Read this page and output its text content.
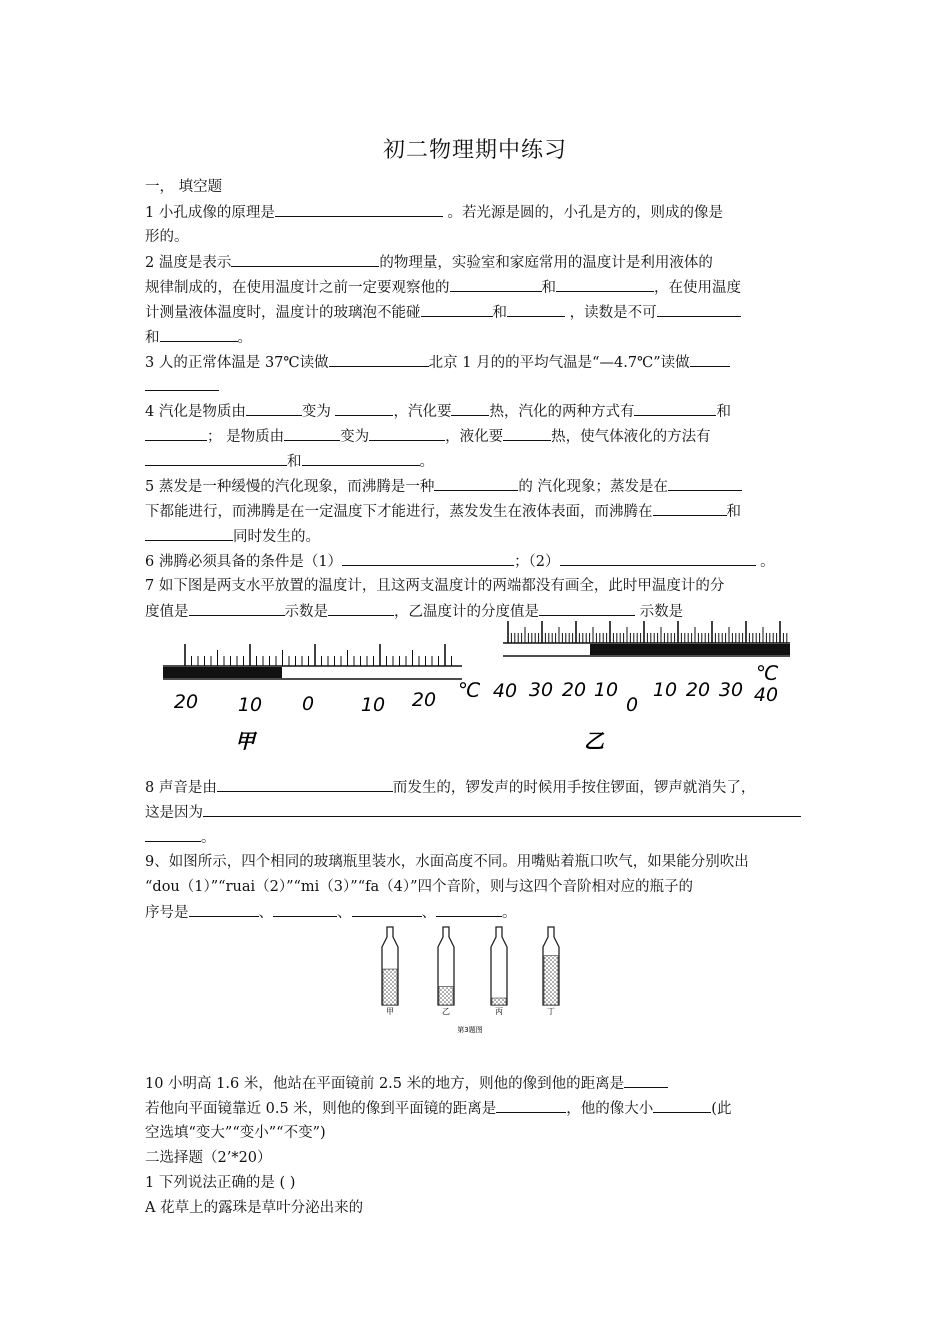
初二物理期中练习
一， 填空题
1 小孔成像的原理是	。若光源是圆的，小孔是方的，则成的像是
形的。
2 温度是表示	的物理量，实验室和家庭常用的温度计是利用液体的
规律制成的，在使用温度计之前一定要观察他的	和	，在使用温度
计测量液体温度时，温度计的玻璃泡不能碰	和	，读数是不可
和	。
3 人的正常体温是 37℃读做	北京 1 月的的平均气温是“—4.7℃”读做
4 汽化是物质由	变为	，汽化要	热，汽化的两种方式有	和
； 是物质由	变为	，液化要	热，使气体液化的方法有
和	。
5 蒸发是一种缓慢的汽化现象，而沸腾是一种	的 汽化现象；蒸发是在
下都能进行，而沸腾是在一定温度下才能进行，蒸发发生在液体表面，而沸腾在	和
同时发生的。
6 沸腾必须具备的条件是（1）	；（2）	。
7 如下图是两支水平放置的温度计，且这两支温度计的两端都没有画全，此时甲温度计的分
度值是	示数是	，乙温度计的分度值是	示数是
20 10 0 10 20 ℃
甲
40 30 20 10
0
10 20 30 40
℃
乙
8 声音是由	而发生的，锣发声的时候用手按住锣面，锣声就消失了，
这是因为
。
9、如图所示，四个相同的玻璃瓶里装水，水面高度不同。用嘴贴着瓶口吹气，如果能分别吹出
“dou（1）”“ruai（2）”“mi（3）”“fa（4）”四个音阶，则与这四个音阶相对应的瓶子的
序号是	、	、	、	。
甲	乙	丙	丁
第3题图
10 小明高 1.6 米，他站在平面镜前 2.5 米的地方，则他的像到他的距离是
若他向平面镜靠近 0.5 米，则他的像到平面镜的距离是	，他的像大小	(此
空选填“变大”“变小”“不变”)
二选择题（2’*20）
1 下列说法正确的是 ( )
A 花草上的露珠是草叶分泌出来的
